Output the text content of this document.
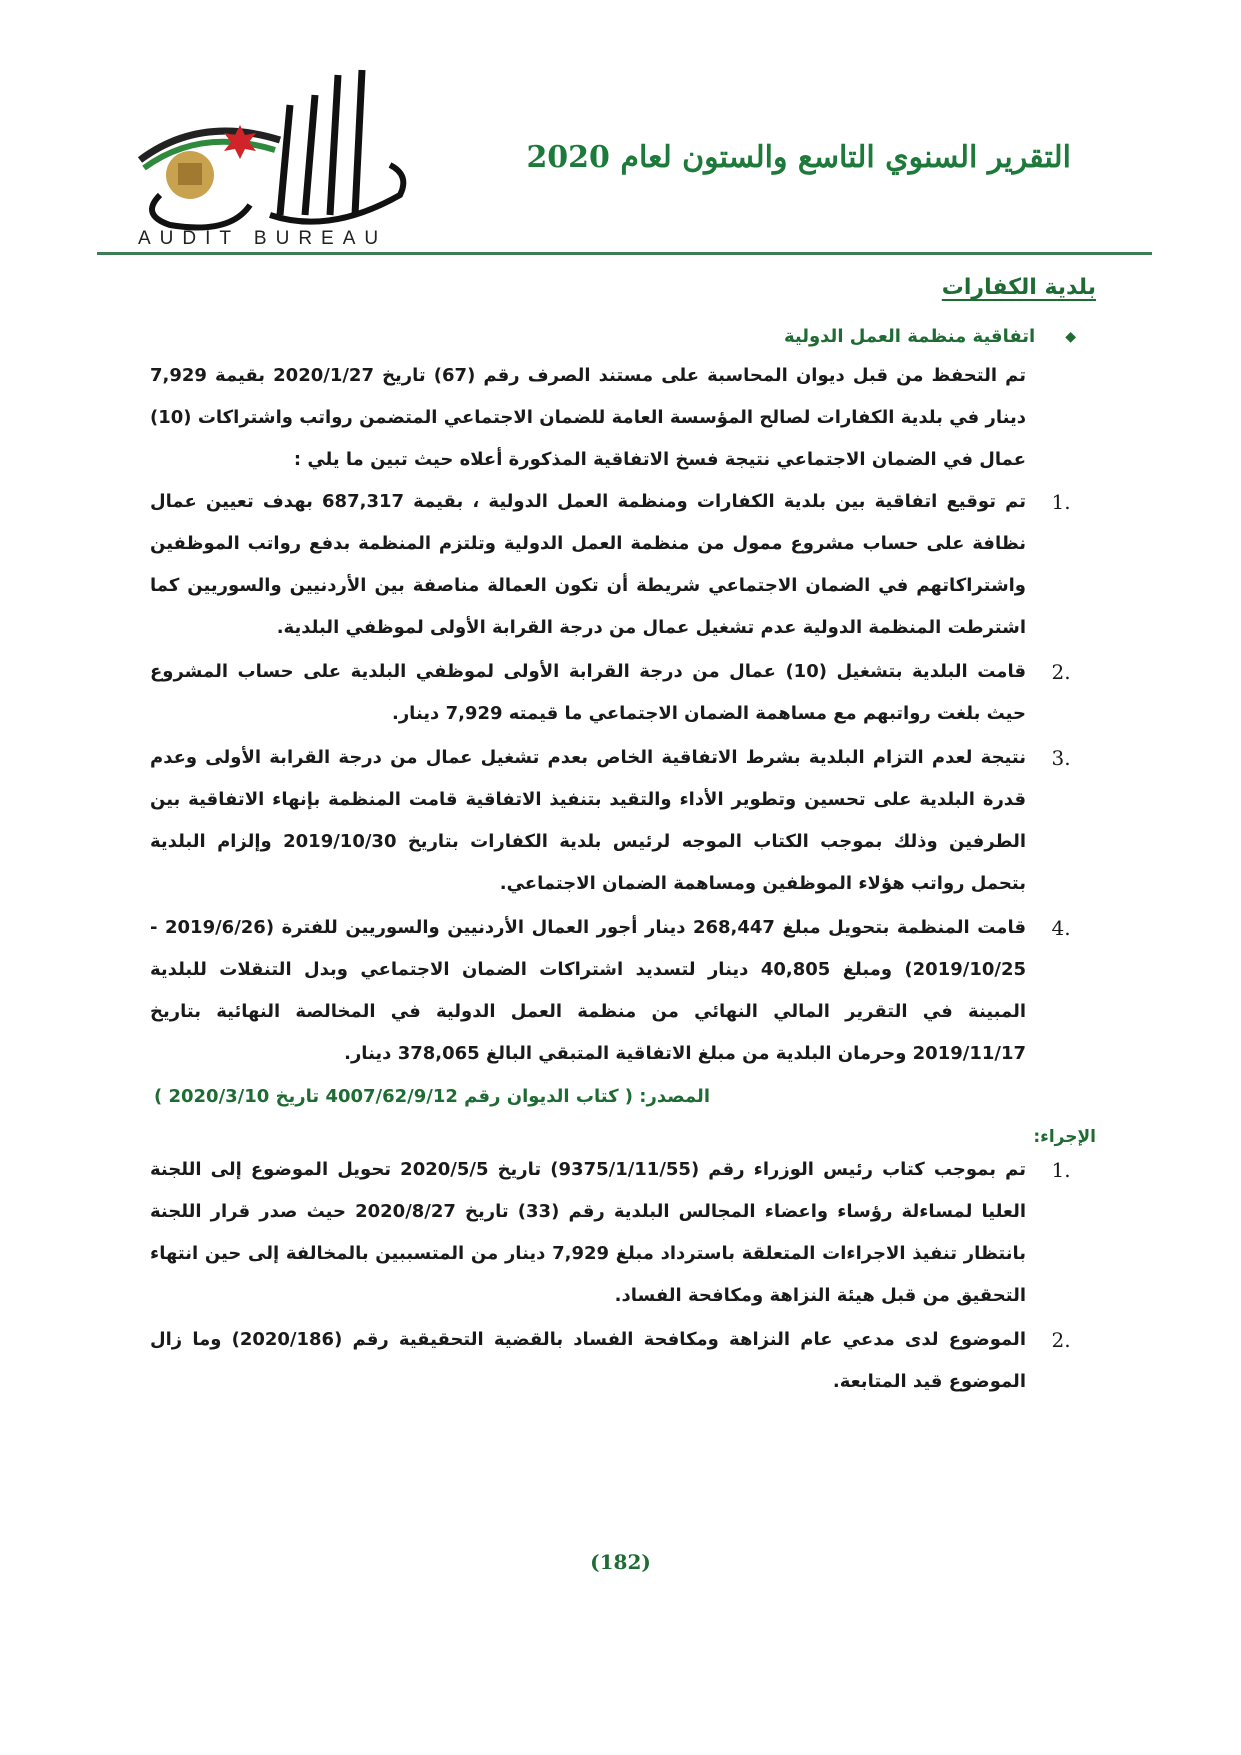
AUDIT BUREAU
التقرير السنوي التاسع والستون لعام 2020
بلدية الكفارات
◆
اتفاقية منظمة العمل الدولية

تم التحفظ من قبل ديوان المحاسبة على مستند الصرف رقم (67) تاريخ 2020/1/27 بقيمة 7,929 دينار في بلدية الكفارات لصالح المؤسسة العامة للضمان الاجتماعي المتضمن رواتب واشتراكات (10) عمال في الضمان الاجتماعي نتيجة فسخ الاتفاقية المذكورة أعلاه حيث تبين ما يلي :

.1

تم توقيع اتفاقية بين بلدية الكفارات ومنظمة العمل الدولية ، بقيمة 687,317 بهدف تعيين عمال نظافة على حساب مشروع ممول من منظمة العمل الدولية وتلتزم المنظمة بدفع رواتب الموظفين واشتراكاتهم في الضمان الاجتماعي شريطة أن تكون العمالة مناصفة بين الأردنيين والسوريين كما اشترطت المنظمة الدولية عدم تشغيل عمال من درجة القرابة الأولى لموظفي البلدية.

.2

قامت البلدية بتشغيل (10) عمال من درجة القرابة الأولى لموظفي البلدية على حساب المشروع حيث بلغت رواتبهم مع مساهمة الضمان الاجتماعي ما قيمته 7,929 دينار.

.3

نتيجة لعدم التزام البلدية بشرط الاتفاقية الخاص بعدم تشغيل عمال من درجة القرابة الأولى وعدم قدرة البلدية على تحسين وتطوير الأداء والتقيد بتنفيذ الاتفاقية قامت المنظمة بإنهاء الاتفاقية بين الطرفين وذلك بموجب الكتاب الموجه لرئيس بلدية الكفارات بتاريخ 2019/10/30 وإلزام البلدية بتحمل رواتب هؤلاء الموظفين ومساهمة الضمان الاجتماعي.

.4

قامت المنظمة بتحويل مبلغ 268,447 دينار أجور العمال الأردنيين والسوريين للفترة (2019/6/26 - 2019/10/25) ومبلغ 40,805 دينار لتسديد اشتراكات الضمان الاجتماعي وبدل التنقلات للبلدية المبينة في التقرير المالي النهائي من منظمة العمل الدولية في المخالصة النهائية بتاريخ 2019/11/17 وحرمان البلدية من مبلغ الاتفاقية المتبقي البالغ 378,065 دينار.

المصدر: ( كتاب الديوان رقم 4007/62/9/12 تاريخ 2020/3/10 )
الإجراء:
.1

تم بموجب كتاب رئيس الوزراء رقم (9375/1/11/55) تاريخ 2020/5/5 تحويل الموضوع إلى اللجنة العليا لمساءلة رؤساء واعضاء المجالس البلدية رقم (33) تاريخ 2020/8/27 حيث صدر قرار اللجنة بانتظار تنفيذ الاجراءات المتعلقة باسترداد مبلغ 7,929 دينار من المتسببين بالمخالفة إلى حين انتهاء التحقيق من قبل هيئة النزاهة ومكافحة الفساد.

.2

الموضوع لدى مدعي عام النزاهة ومكافحة الفساد بالقضية التحقيقية رقم (2020/186) وما زال الموضوع قيد المتابعة.

(182)
